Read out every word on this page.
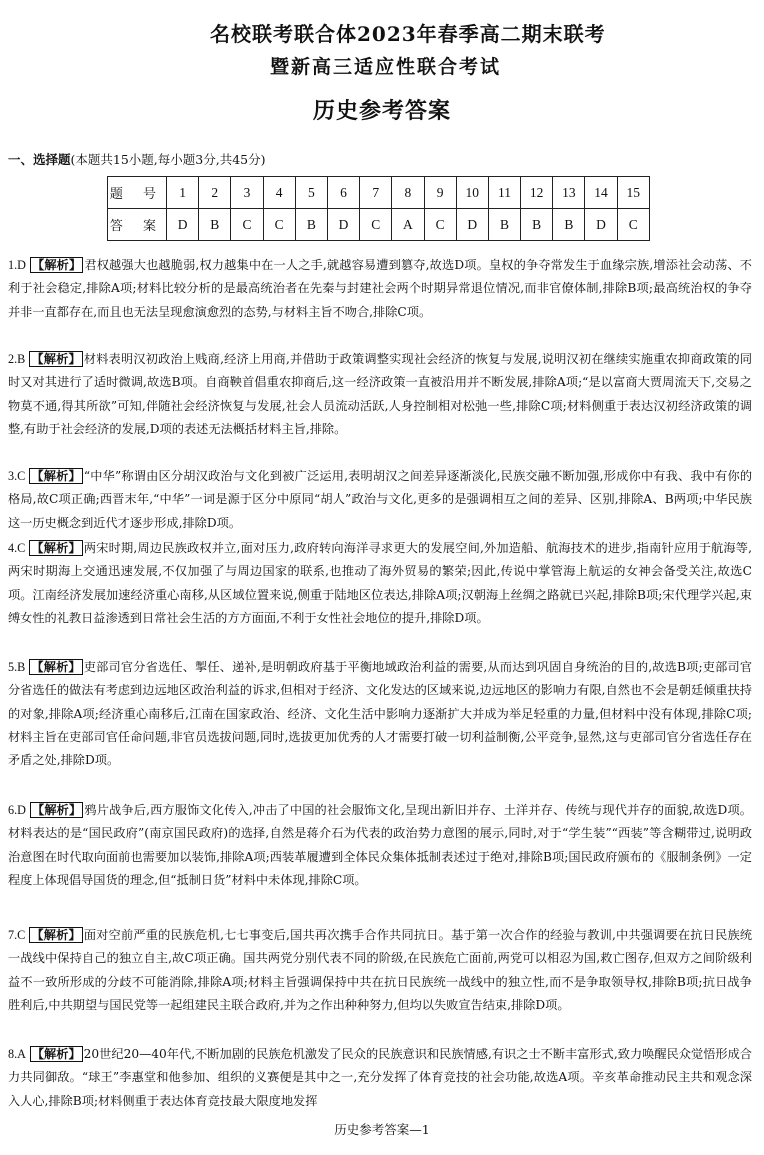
名校联考联合体2023年春季高二期末联考
暨新高三适应性联合考试
历史参考答案
一、选择题(本题共15小题,每小题3分,共45分)
题 号	1	2	3	4	5	6	7	8	9	10	11	12	13	14	15
答 案	D	B	C	C	B	D	C	A	C	D	B	B	B	D	C
1.D 【解析】 君权越强大也越脆弱,权力越集中在一人之手,就越容易遭到篡夺,故选D项。皇权的争夺常发生于血缘宗族,增添社会动荡、不利于社会稳定,排除A项;材料比较分析的是最高统治者在先秦与封建社会两个时期异常退位情况,而非官僚体制,排除B项;最高统治权的争夺并非一直都存在,而且也无法呈现愈演愈烈的态势,与材料主旨不吻合,排除C项。
2.B 【解析】 材料表明汉初政治上贱商,经济上用商,并借助于政策调整实现社会经济的恢复与发展,说明汉初在继续实施重农抑商政策的同时又对其进行了适时微调,故选B项。自商鞅首倡重农抑商后,这一经济政策一直被沿用并不断发展,排除A项;“是以富商大贾周流天下,交易之物莫不通,得其所欲”可知,伴随社会经济恢复与发展,社会人员流动活跃,人身控制相对松弛一些,排除C项;材料侧重于表达汉初经济政策的调整,有助于社会经济的发展,D项的表述无法概括材料主旨,排除。
3.C 【解析】 “中华”称谓由区分胡汉政治与文化到被广泛运用,表明胡汉之间差异逐渐淡化,民族交融不断加强,形成你中有我、我中有你的格局,故C项正确;西晋末年,“中华”一词是源于区分中原同“胡人”政治与文化,更多的是强调相互之间的差异、区别,排除A、B两项;中华民族这一历史概念到近代才逐步形成,排除D项。
4.C 【解析】 两宋时期,周边民族政权并立,面对压力,政府转向海洋寻求更大的发展空间,外加造船、航海技术的进步,指南针应用于航海等,两宋时期海上交通迅速发展,不仅加强了与周边国家的联系,也推动了海外贸易的繁荣;因此,传说中掌管海上航运的女神会备受关注,故选C项。江南经济发展加速经济重心南移,从区域位置来说,侧重于陆地区位表达,排除A项;汉朝海上丝绸之路就已兴起,排除B项;宋代理学兴起,束缚女性的礼教日益渗透到日常社会生活的方方面面,不利于女性社会地位的提升,排除D项。
5.B 【解析】 吏部司官分省选任、掣任、递补,是明朝政府基于平衡地域政治利益的需要,从而达到巩固自身统治的目的,故选B项;吏部司官分省选任的做法有考虑到边远地区政治利益的诉求,但相对于经济、文化发达的区域来说,边远地区的影响力有限,自然也不会是朝廷倾重扶持的对象,排除A项;经济重心南移后,江南在国家政治、经济、文化生活中影响力逐渐扩大并成为举足轻重的力量,但材料中没有体现,排除C项;材料主旨在吏部司官任命问题,非官员选拔问题,同时,选拔更加优秀的人才需要打破一切利益制衡,公平竞争,显然,这与吏部司官分省选任存在矛盾之处,排除D项。
6.D 【解析】 鸦片战争后,西方服饰文化传入,冲击了中国的社会服饰文化,呈现出新旧并存、土洋并存、传统与现代并存的面貌,故选D项。材料表达的是“国民政府”(南京国民政府)的选择,自然是蒋介石为代表的政治势力意图的展示,同时,对于“学生装”“西装”等含糊带过,说明政治意图在时代取向面前也需要加以装饰,排除A项;西装革履遭到全体民众集体抵制表述过于绝对,排除B项;国民政府颁布的《服制条例》一定程度上体现倡导国货的理念,但“抵制日货”材料中未体现,排除C项。
7.C 【解析】 面对空前严重的民族危机,七七事变后,国共再次携手合作共同抗日。基于第一次合作的经验与教训,中共强调要在抗日民族统一战线中保持自己的独立自主,故C项正确。国共两党分别代表不同的阶级,在民族危亡面前,两党可以相忍为国,救亡图存,但双方之间阶级利益不一致所形成的分歧不可能消除,排除A项;材料主旨强调保持中共在抗日民族统一战线中的独立性,而不是争取领导权,排除B项;抗日战争胜利后,中共期望与国民党等一起组建民主联合政府,并为之作出种种努力,但均以失败宣告结束,排除D项。
8.A 【解析】 20世纪20—40年代,不断加剧的民族危机激发了民众的民族意识和民族情感,有识之士不断丰富形式,致力唤醒民众觉悟形成合力共同御敌。“球王”李惠堂和他参加、组织的义赛便是其中之一,充分发挥了体育竞技的社会功能,故选A项。辛亥革命推动民主共和观念深入人心,排除B项;材料侧重于表达体育竞技最大限度地发挥
历史参考答案—1
